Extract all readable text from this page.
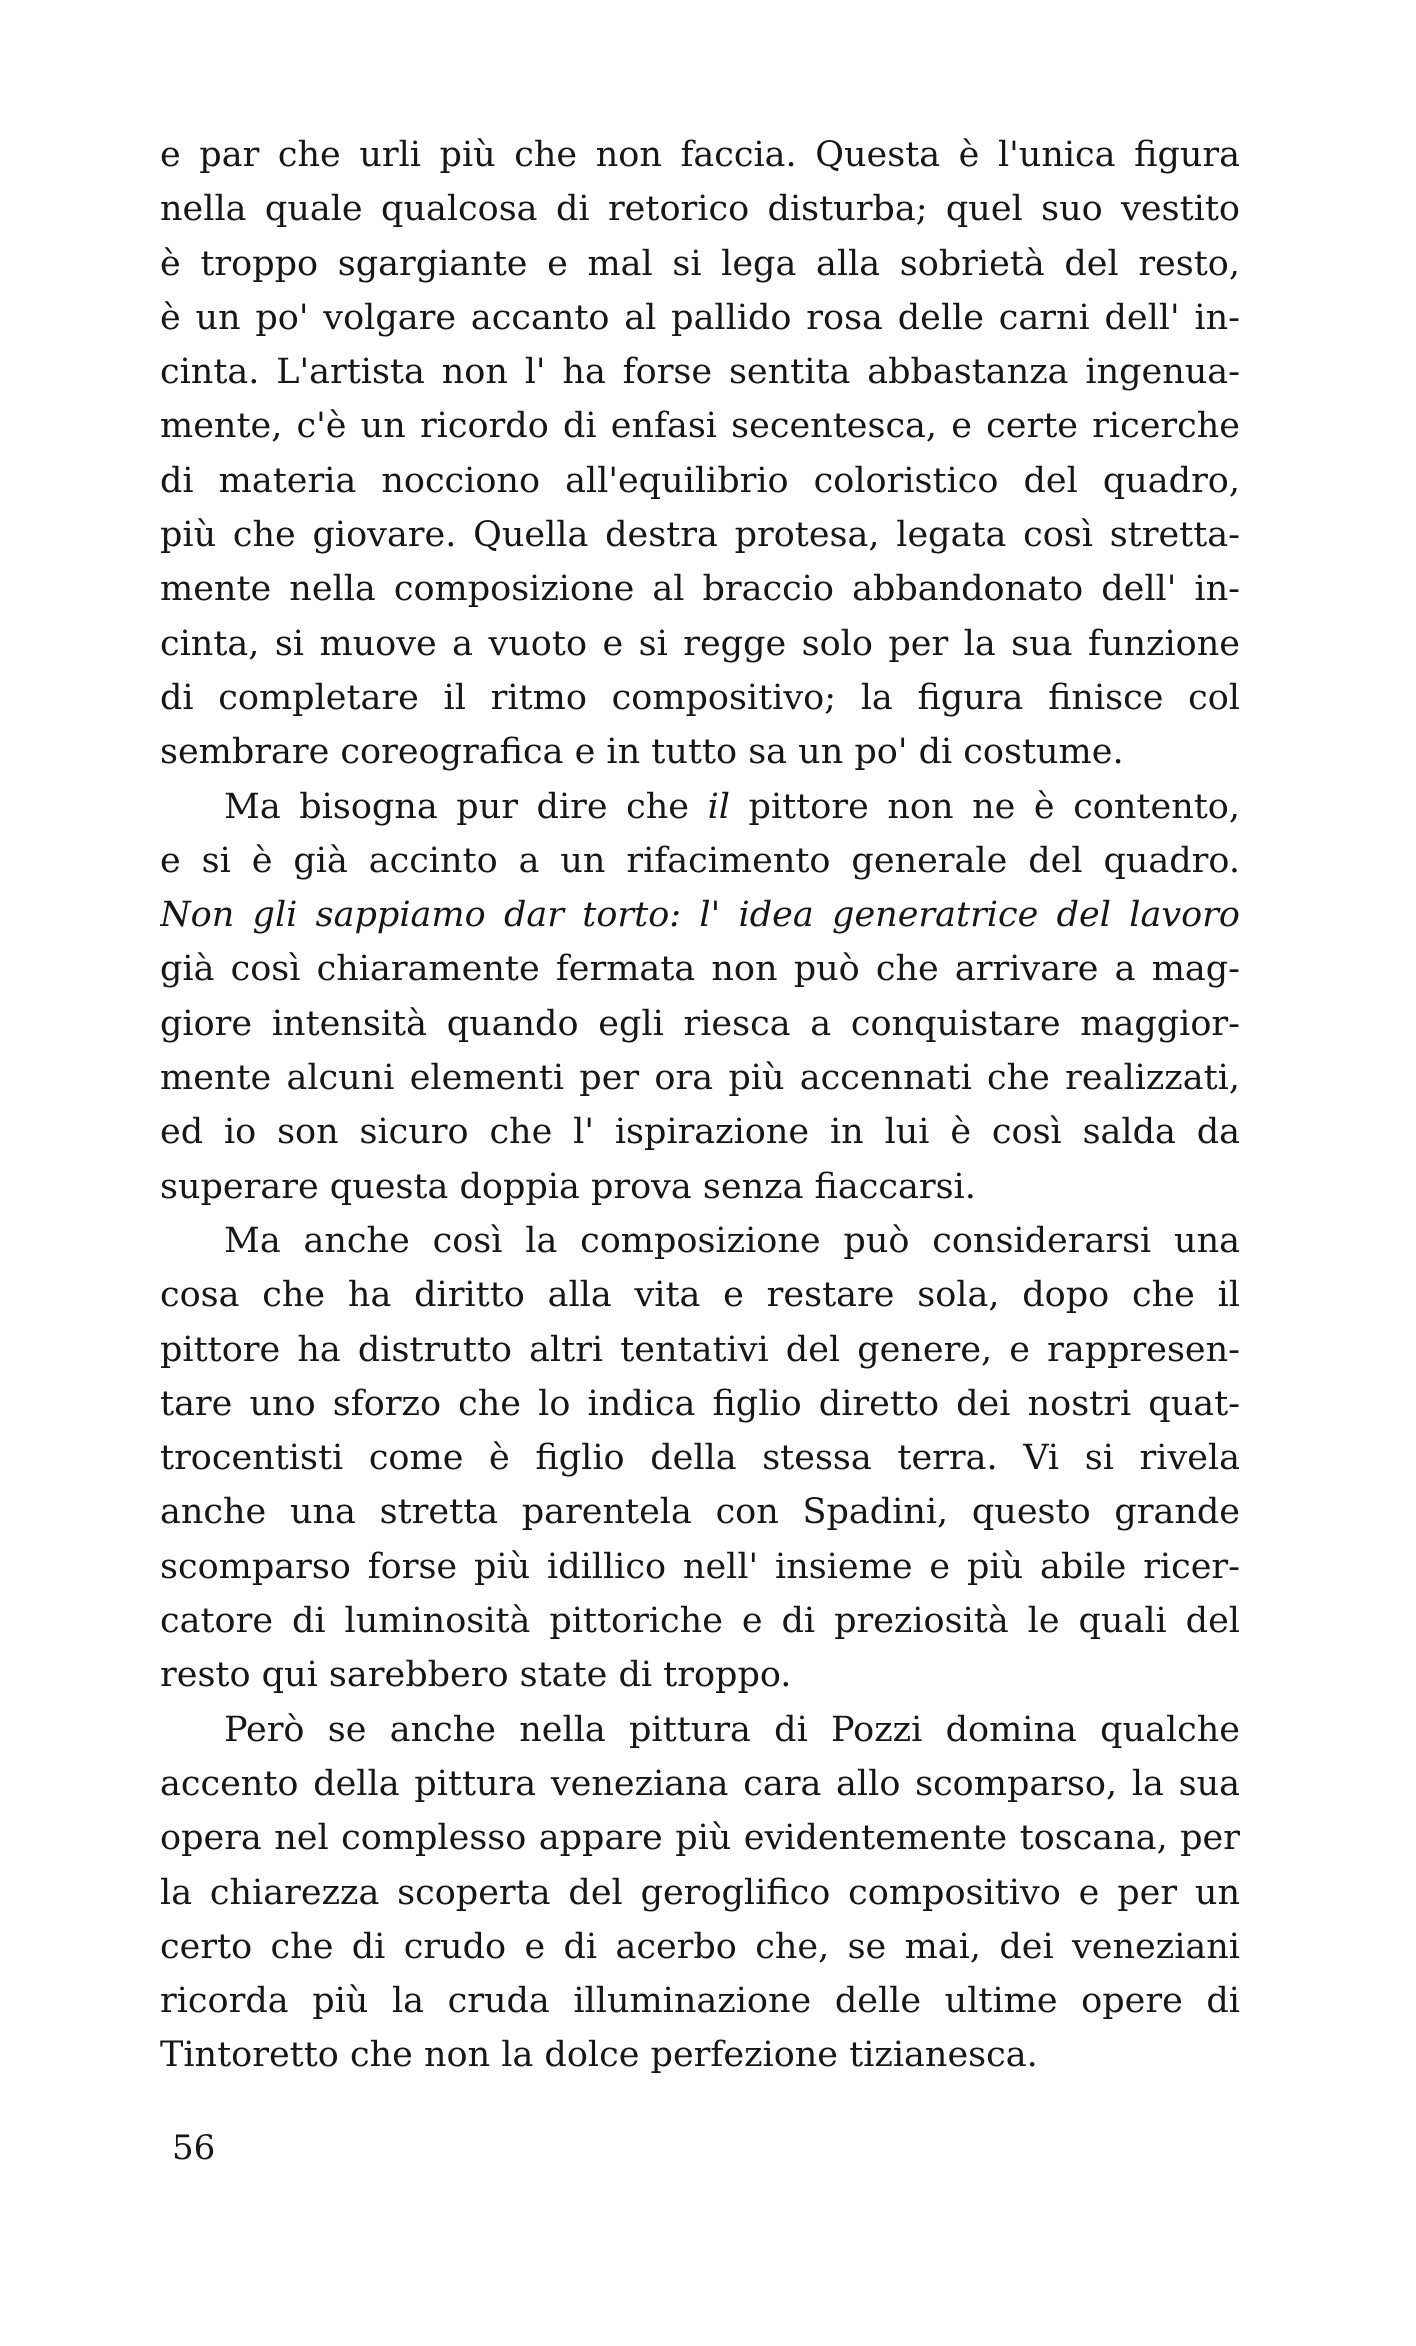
e par che urli più che non faccia. Questa è l'unica figura
nella quale qualcosa di retorico disturba; quel suo vestito
è troppo sgargiante e mal si lega alla sobrietà del resto,
è un po' volgare accanto al pallido rosa delle carni dell' in-
cinta. L'artista non l' ha forse sentita abbastanza ingenua-
mente, c'è un ricordo di enfasi secentesca, e certe ricerche
di materia nocciono all'equilibrio coloristico del quadro,
più che giovare. Quella destra protesa, legata così stretta-
mente nella composizione al braccio abbandonato dell' in-
cinta, si muove a vuoto e si regge solo per la sua funzione
di completare il ritmo compositivo; la figura finisce col
sembrare coreografica e in tutto sa un po' di costume.
Ma bisogna pur dire che il pittore non ne è contento,
e si è già accinto a un rifacimento generale del quadro.
Non gli sappiamo dar torto: l' idea generatrice del lavoro
già così chiaramente fermata non può che arrivare a mag-
giore intensità quando egli riesca a conquistare maggior-
mente alcuni elementi per ora più accennati che realizzati,
ed io son sicuro che l' ispirazione in lui è così salda da
superare questa doppia prova senza fiaccarsi.
Ma anche così la composizione può considerarsi una
cosa che ha diritto alla vita e restare sola, dopo che il
pittore ha distrutto altri tentativi del genere, e rappresen-
tare uno sforzo che lo indica figlio diretto dei nostri quat-
trocentisti come è figlio della stessa terra. Vi si rivela
anche una stretta parentela con Spadini, questo grande
scomparso forse più idillico nell' insieme e più abile ricer-
catore di luminosità pittoriche e di preziosità le quali del
resto qui sarebbero state di troppo.
Però se anche nella pittura di Pozzi domina qualche
accento della pittura veneziana cara allo scomparso, la sua
opera nel complesso appare più evidentemente toscana, per
la chiarezza scoperta del geroglifico compositivo e per un
certo che di crudo e di acerbo che, se mai, dei veneziani
ricorda più la cruda illuminazione delle ultime opere di
Tintoretto che non la dolce perfezione tizianesca.
56
